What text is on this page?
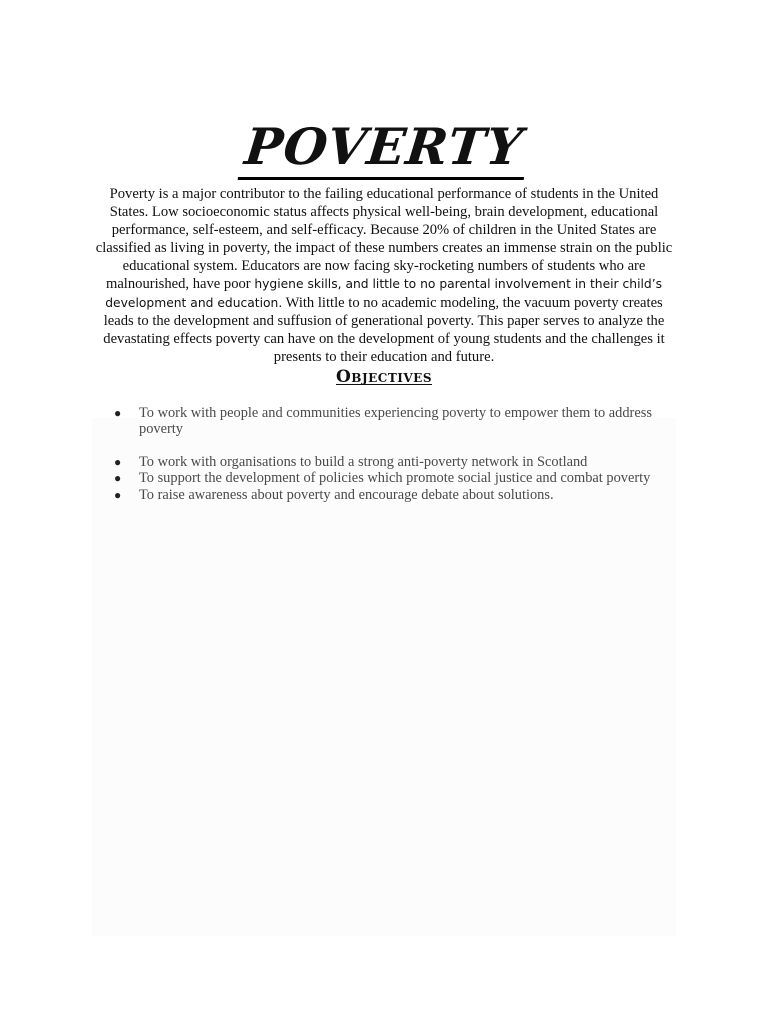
POVERTY

Poverty is a major contributor to the failing educational performance of students in the United States. Low socioeconomic status affects physical well-being, brain development, educational performance, self-esteem, and self-efficacy. Because 20% of children in the United States are classified as living in poverty, the impact of these numbers creates an immense strain on the public educational system. Educators are now facing sky-rocketing numbers of students who are malnourished, have poor hygiene skills, and little to no parental involvement in their child’s development and education. With little to no academic modeling, the vacuum poverty creates leads to the development and suffusion of generational poverty. This paper serves to analyze the devastating effects poverty can have on the development of young students and the challenges it presents to their education and future.

Objectives
● To work with people and communities experiencing poverty to empower them to address poverty
● To work with organisations to build a strong anti-poverty network in Scotland
● To support the development of policies which promote social justice and combat poverty
● To raise awareness about poverty and encourage debate about solutions.
